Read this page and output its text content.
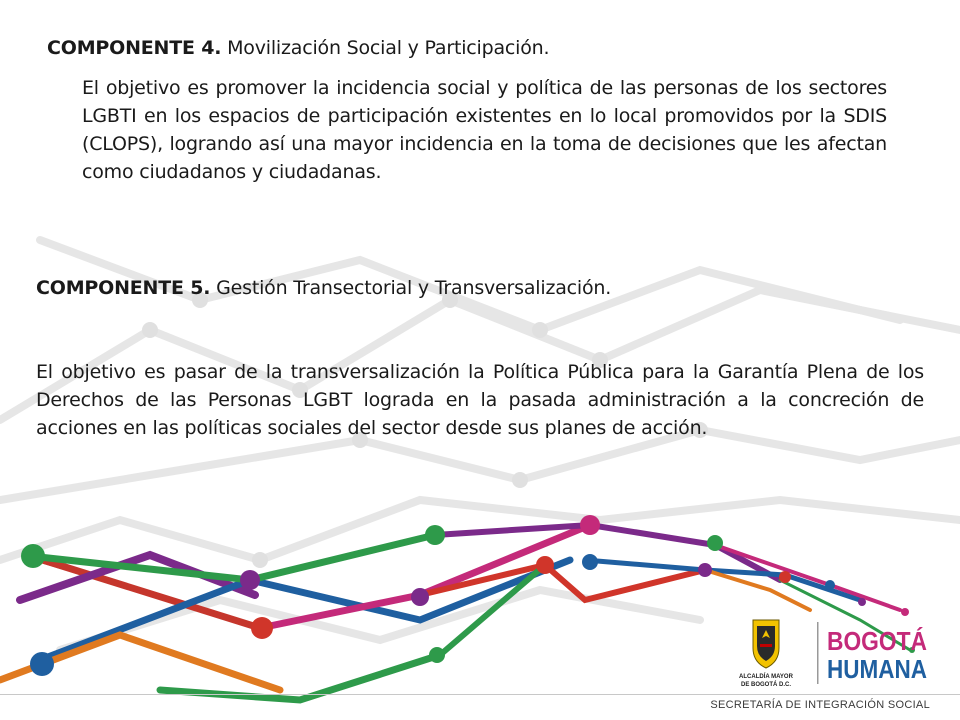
COMPONENTE 4. Movilización Social y Participación.

El objetivo es promover la incidencia social y política de las personas de los sectores LGBTI en los espacios de participación existentes en lo local promovidos por la SDIS (CLOPS), logrando así una mayor incidencia en la toma de decisiones que les afectan como ciudadanos y ciudadanas.

COMPONENTE 5. Gestión Transectorial y Transversalización.

El objetivo es pasar de la transversalización la Política Pública para la Garantía Plena de los Derechos de las Personas LGBT lograda en la pasada administración a la concreción de acciones en las políticas sociales del sector desde sus planes de acción.

ALCALDÍA MAYOR
DE BOGOTÁ D.C.
BOGOTÁ
HUMANA
SECRETARÍA DE INTEGRACIÓN SOCIAL
